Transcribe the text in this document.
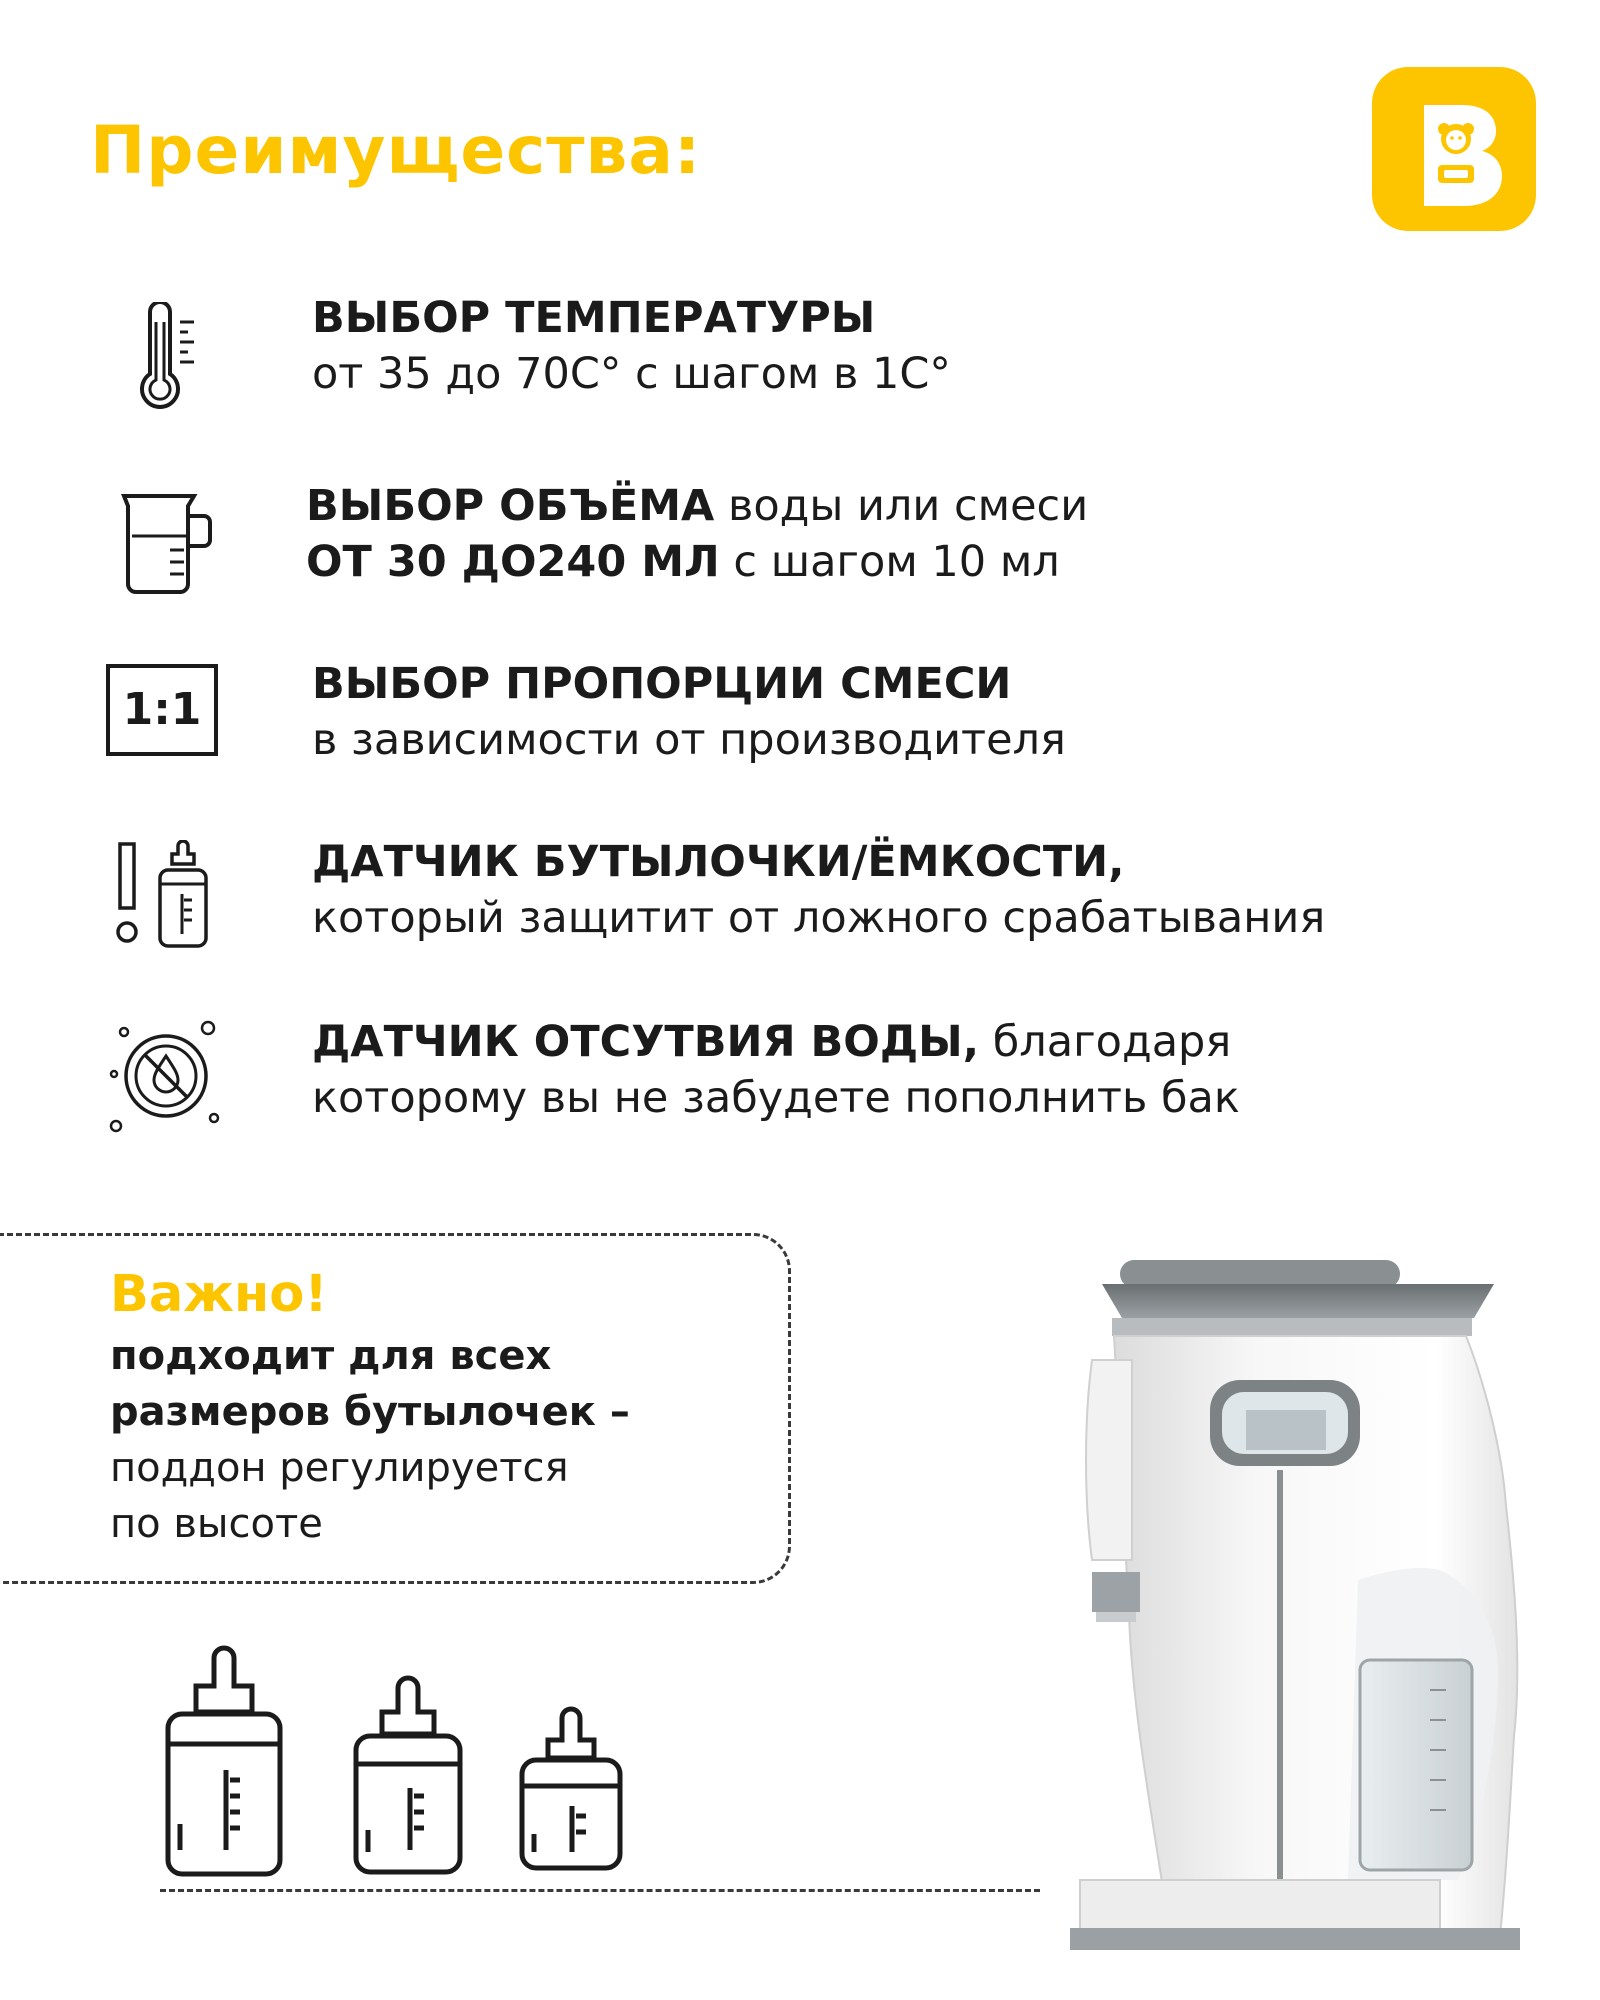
Преимущества:
ВЫБОР ТЕМПЕРАТУРЫ
от 35 до 70С° с шагом в 1С°
ВЫБОР ОБЪЁМА воды или смеси
ОТ 30 ДО240 МЛ с шагом 10 мл
1:1	ВЫБОР ПРОПОРЦИИ СМЕСИ
в зависимости от производителя
ДАТЧИК БУТЫЛОЧКИ/ЁМКОСТИ,
который защитит от ложного срабатывания
ДАТЧИК ОТСУТВИЯ ВОДЫ, благодаря
которому вы не забудете пополнить бак
Важно!
подходит для всех
размеров бутылочек –
поддон регулируется
по высоте
